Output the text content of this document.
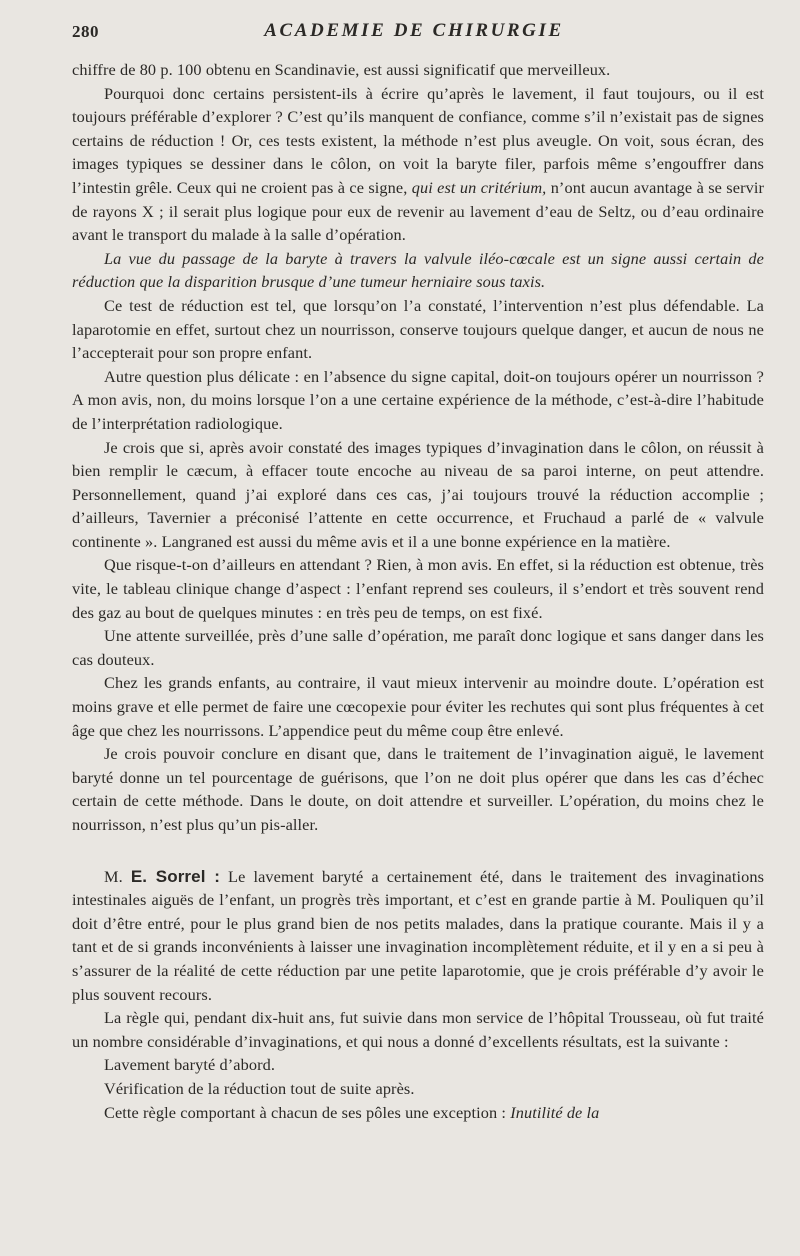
280	ACADEMIE DE CHIRURGIE

chiffre de 80 p. 100 obtenu en Scandinavie, est aussi significatif que merveilleux.

Pourquoi donc certains persistent-ils à écrire qu’après le lavement, il faut toujours, ou il est toujours préférable d’explorer ? C’est qu’ils manquent de confiance, comme s’il n’existait pas de signes certains de réduction ! Or, ces tests existent, la méthode n’est plus aveugle. On voit, sous écran, des images typiques se dessiner dans le côlon, on voit la baryte filer, parfois même s’engouffrer dans l’intestin grêle. Ceux qui ne croient pas à ce signe, qui est un critérium, n’ont aucun avantage à se servir de rayons X ; il serait plus logique pour eux de revenir au lavement d’eau de Seltz, ou d’eau ordinaire avant le transport du malade à la salle d’opération.

La vue du passage de la baryte à travers la valvule iléo-cœcale est un signe aussi certain de réduction que la disparition brusque d’une tumeur herniaire sous taxis.

Ce test de réduction est tel, que lorsqu’on l’a constaté, l’intervention n’est plus défendable. La laparotomie en effet, surtout chez un nourrisson, conserve toujours quelque danger, et aucun de nous ne l’accepterait pour son propre enfant.

Autre question plus délicate : en l’absence du signe capital, doit-on toujours opérer un nourrisson ? A mon avis, non, du moins lorsque l’on a une certaine expérience de la méthode, c’est-à-dire l’habitude de l’interprétation radiologique.

Je crois que si, après avoir constaté des images typiques d’invagination dans le côlon, on réussit à bien remplir le cæcum, à effacer toute encoche au niveau de sa paroi interne, on peut attendre. Personnellement, quand j’ai exploré dans ces cas, j’ai toujours trouvé la réduction accomplie ; d’ailleurs, Tavernier a préconisé l’attente en cette occurrence, et Fruchaud a parlé de « valvule continente ». Langraned est aussi du même avis et il a une bonne expérience en la matière.

Que risque-t-on d’ailleurs en attendant ? Rien, à mon avis. En effet, si la réduction est obtenue, très vite, le tableau clinique change d’aspect : l’enfant reprend ses couleurs, il s’endort et très souvent rend des gaz au bout de quelques minutes : en très peu de temps, on est fixé.

Une attente surveillée, près d’une salle d’opération, me paraît donc logique et sans danger dans les cas douteux.

Chez les grands enfants, au contraire, il vaut mieux intervenir au moindre doute. L’opération est moins grave et elle permet de faire une cœcopexie pour éviter les rechutes qui sont plus fréquentes à cet âge que chez les nourrissons. L’appendice peut du même coup être enlevé.

Je crois pouvoir conclure en disant que, dans le traitement de l’invagination aiguë, le lavement baryté donne un tel pourcentage de guérisons, que l’on ne doit plus opérer que dans les cas d’échec certain de cette méthode. Dans le doute, on doit attendre et surveiller. L’opération, du moins chez le nourrisson, n’est plus qu’un pis-aller.

M. E. Sorrel : Le lavement baryté a certainement été, dans le traitement des invaginations intestinales aiguës de l’enfant, un progrès très important, et c’est en grande partie à M. Pouliquen qu’il doit d’être entré, pour le plus grand bien de nos petits malades, dans la pratique courante. Mais il y a tant et de si grands inconvénients à laisser une invagination incomplètement réduite, et il y en a si peu à s’assurer de la réalité de cette réduction par une petite laparotomie, que je crois préférable d’y avoir le plus souvent recours.

La règle qui, pendant dix-huit ans, fut suivie dans mon service de l’hôpital Trousseau, où fut traité un nombre considérable d’invaginations, et qui nous a donné d’excellents résultats, est la suivante :

Lavement baryté d’abord.

Vérification de la réduction tout de suite après.

Cette règle comportant à chacun de ses pôles une exception : Inutilité de la
